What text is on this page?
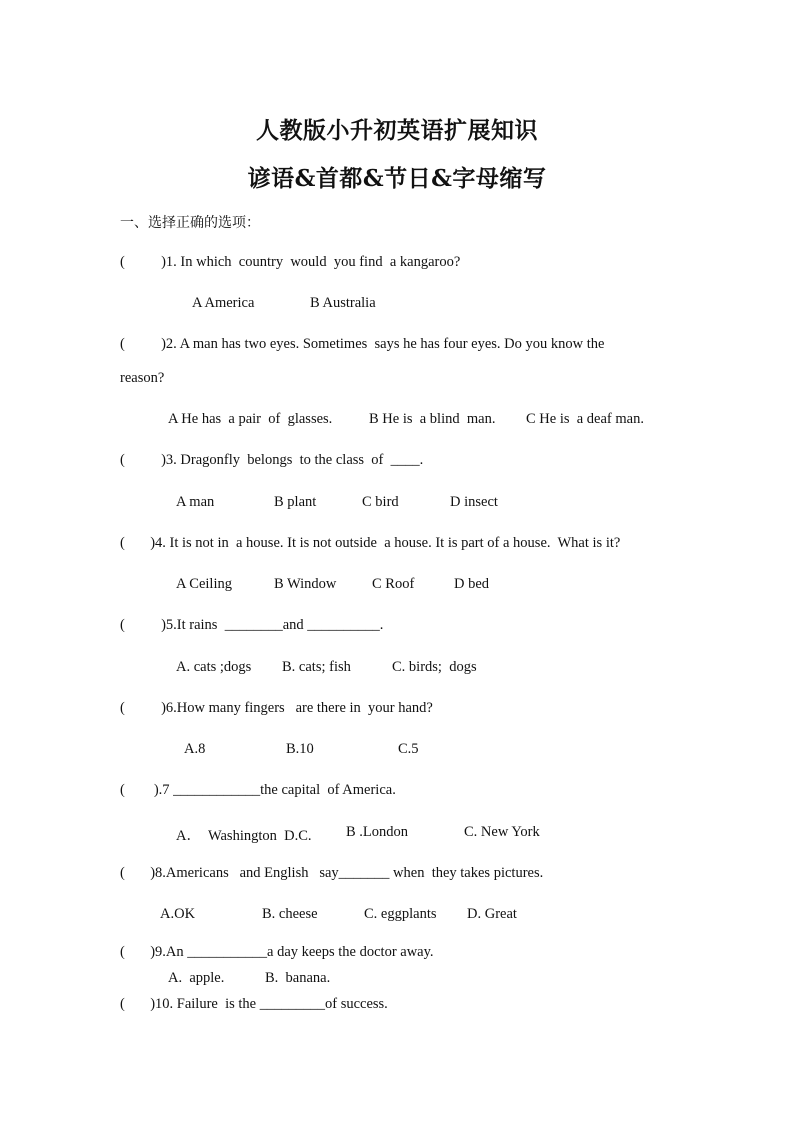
人教版小升初英语扩展知识
谚语&首都&节日&字母缩写
一、选择正确的选项：
(          )1. In which  country  would  you find  a kangaroo?
A America	B Australia
(          )2. A man has two eyes. Sometimes  says he has four eyes. Do you know the
reason?
A He has  a pair  of  glasses.	B He is  a blind  man. C He is  a deaf man.
(          )3. Dragonfly  belongs  to the class  of  ____.
A man	B plant	C bird	D insect
(       )4. It is not in  a house. It is not outside  a house. It is part of a house.  What is it?
A Ceiling	B Window C Roof	D bed
(          )5.It rains  ________and __________.
A. cats ;dogs B. cats; fish	C. birds;  dogs
(          )6.How many fingers   are there in  your hand?
A.8	B.10	C.5
(        ).7 ____________the capital  of America.
A．  Washington  D.C. B .London	C. New York
(       )8.Americans   and English   say_______ when  they takes pictures.
A.OK	B. cheese	C. eggplants D. Great
(       )9.An ___________a day keeps the doctor away.
A.  apple.	B.  banana.
(       )10. Failure  is the _________of success.
